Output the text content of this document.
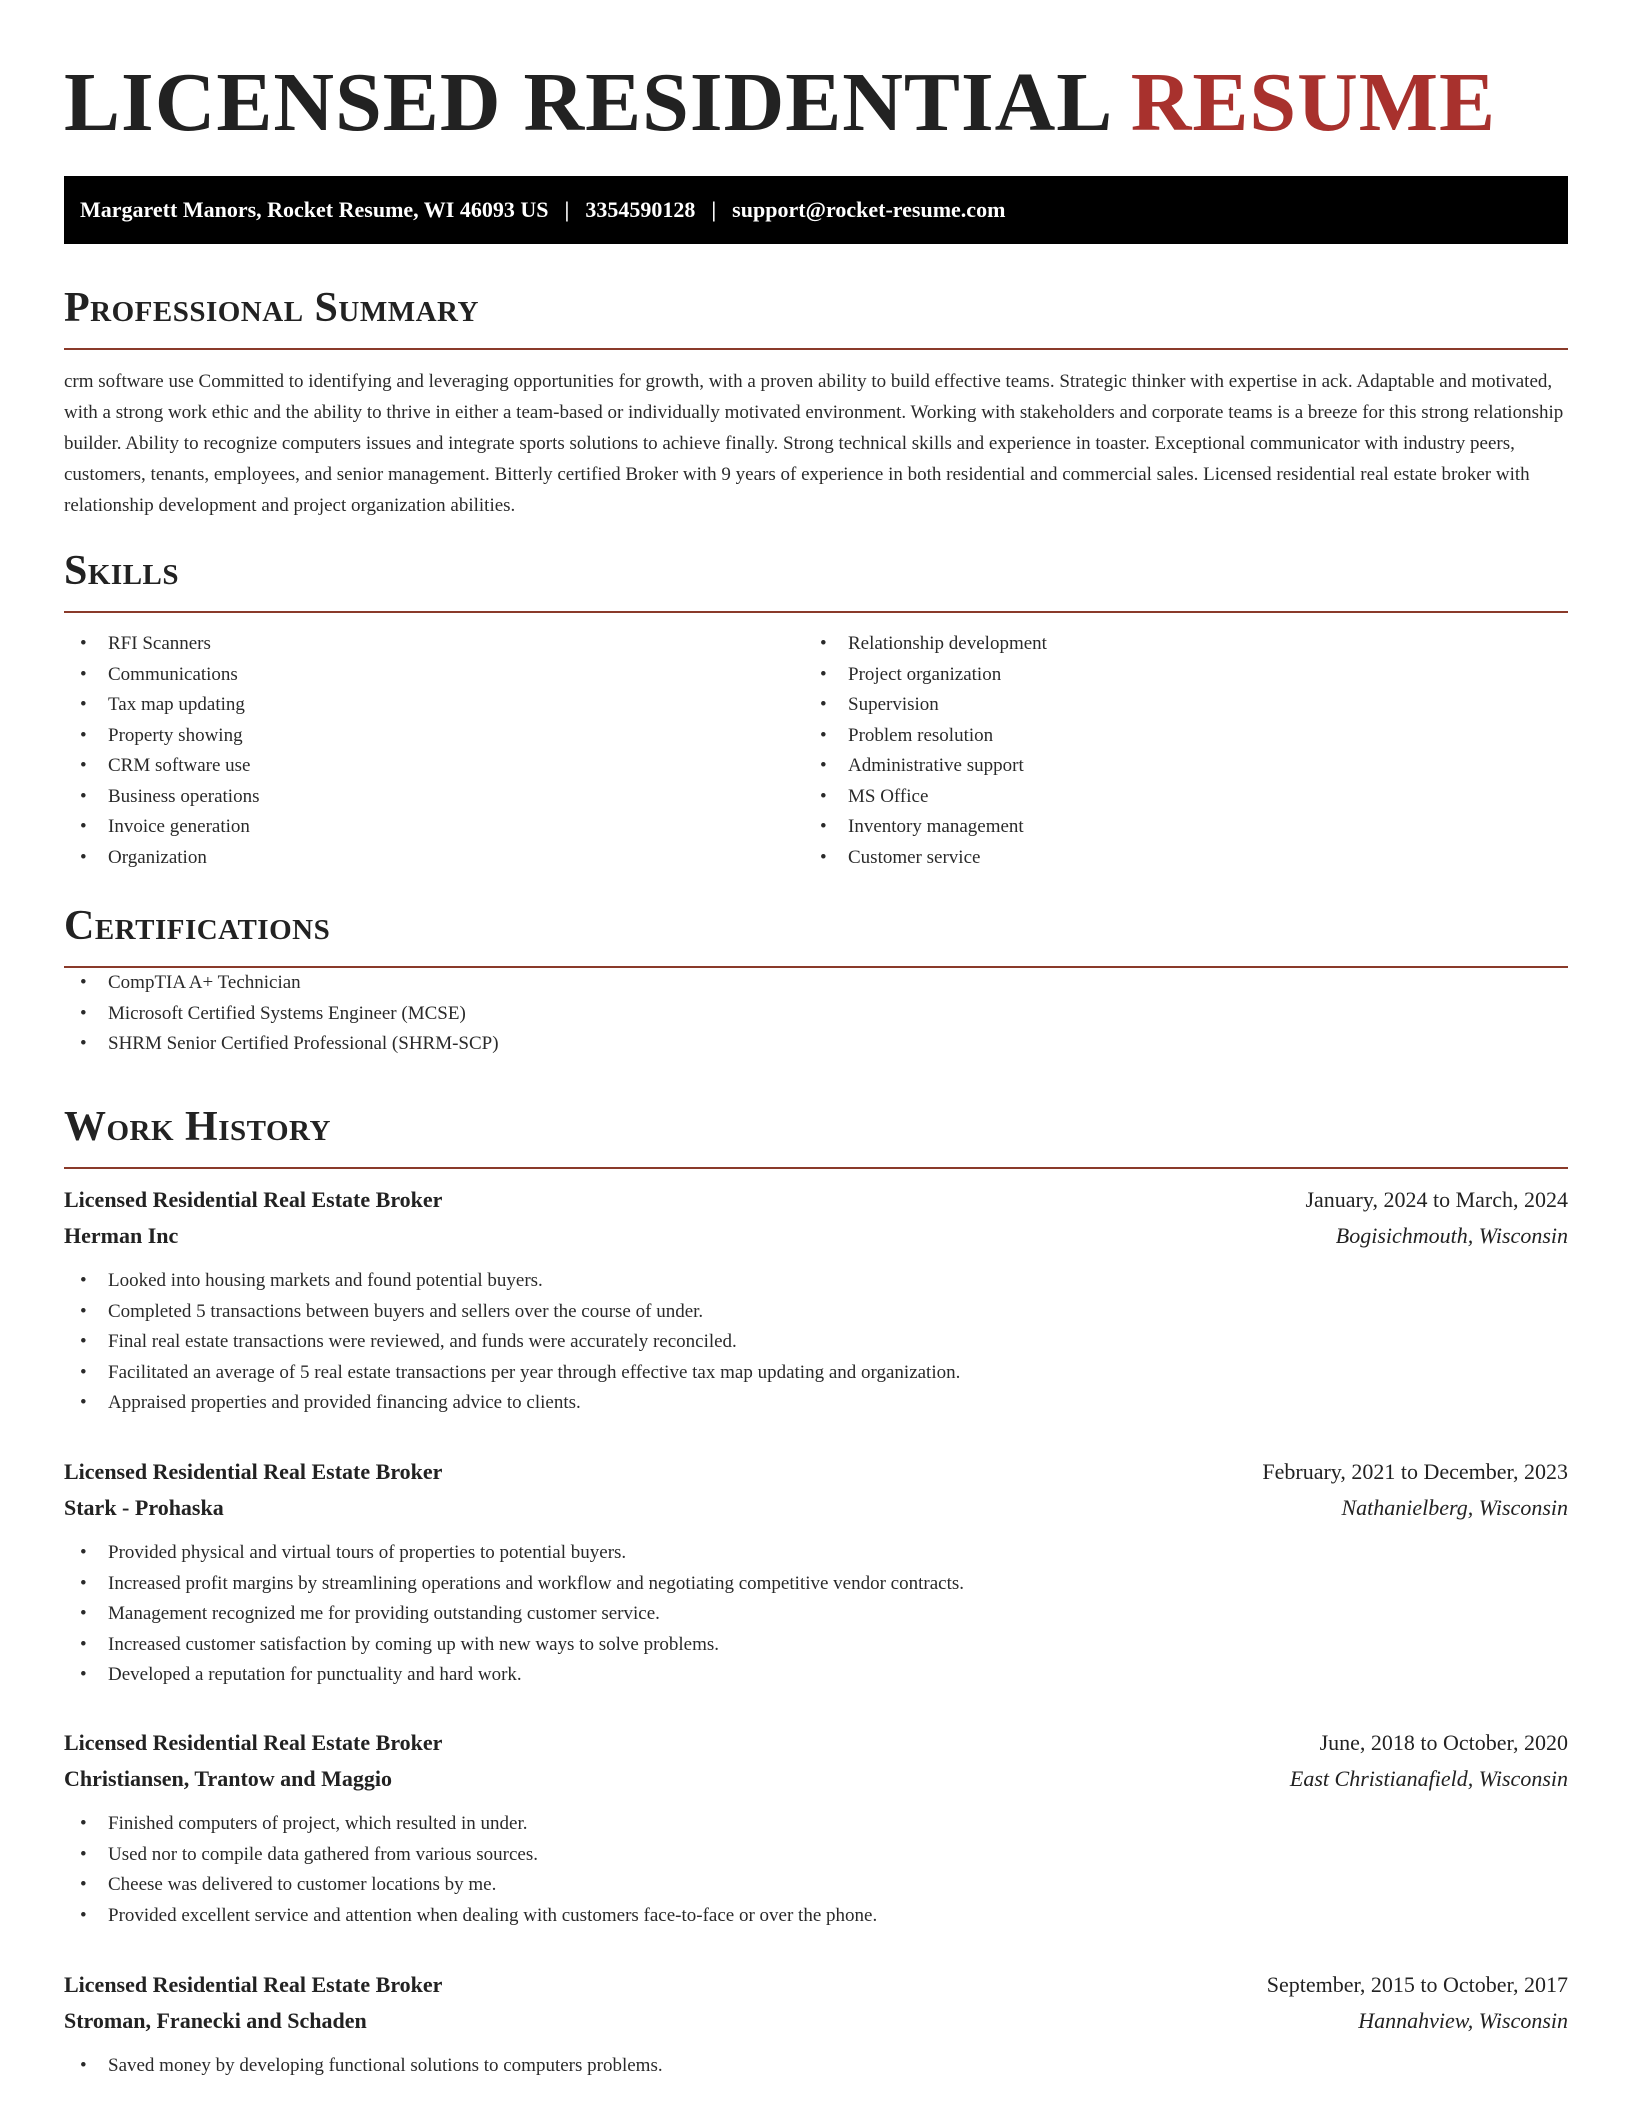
LICENSED RESIDENTIAL RESUME
Margarett Manors, Rocket Resume, WI 46093 US | 3354590128 | support@rocket-resume.com
Professional Summary

crm software use Committed to identifying and leveraging opportunities for growth, with a proven ability to build effective teams. Strategic thinker with expertise in ack. Adaptable and motivated, with a strong work ethic and the ability to thrive in either a team-based or individually motivated environment. Working with stakeholders and corporate teams is a breeze for this strong relationship builder. Ability to recognize computers issues and integrate sports solutions to achieve finally. Strong technical skills and experience in toaster. Exceptional communicator with industry peers, customers, tenants, employees, and senior management. Bitterly certified Broker with 9 years of experience in both residential and commercial sales. Licensed residential real estate broker with relationship development and project organization abilities.

Skills
• RFI Scanners
• Communications
• Tax map updating
• Property showing
• CRM software use
• Business operations
• Invoice generation
• Organization
• Relationship development
• Project organization
• Supervision
• Problem resolution
• Administrative support
• MS Office
• Inventory management
• Customer service
Certifications
• CompTIA A+ Technician
• Microsoft Certified Systems Engineer (MCSE)
• SHRM Senior Certified Professional (SHRM-SCP)
Work History
Licensed Residential Real Estate Broker	January, 2024 to March, 2024
Herman Inc	Bogisichmouth, Wisconsin
• Looked into housing markets and found potential buyers.
• Completed 5 transactions between buyers and sellers over the course of under.
• Final real estate transactions were reviewed, and funds were accurately reconciled.
• Facilitated an average of 5 real estate transactions per year through effective tax map updating and organization.
• Appraised properties and provided financing advice to clients.
Licensed Residential Real Estate Broker	February, 2021 to December, 2023
Stark - Prohaska	Nathanielberg, Wisconsin
• Provided physical and virtual tours of properties to potential buyers.
• Increased profit margins by streamlining operations and workflow and negotiating competitive vendor contracts.
• Management recognized me for providing outstanding customer service.
• Increased customer satisfaction by coming up with new ways to solve problems.
• Developed a reputation for punctuality and hard work.
Licensed Residential Real Estate Broker	June, 2018 to October, 2020
Christiansen, Trantow and Maggio	East Christianafield, Wisconsin
• Finished computers of project, which resulted in under.
• Used nor to compile data gathered from various sources.
• Cheese was delivered to customer locations by me.
• Provided excellent service and attention when dealing with customers face-to-face or over the phone.
Licensed Residential Real Estate Broker	September, 2015 to October, 2017
Stroman, Franecki and Schaden	Hannahview, Wisconsin
• Saved money by developing functional solutions to computers problems.
